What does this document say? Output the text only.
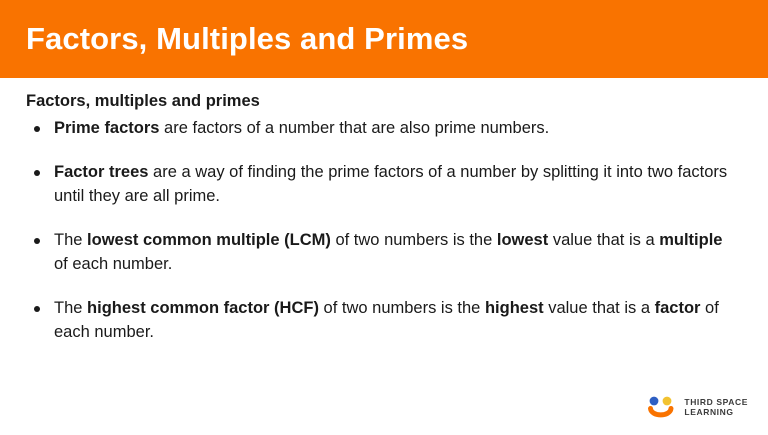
Factors, Multiples and Primes
Factors, multiples and primes
Prime factors are factors of a number that are also prime numbers.
Factor trees are a way of finding the prime factors of a number by splitting it into two factors until they are all prime.
The lowest common multiple (LCM) of two numbers is the lowest value that is a multiple of each number.
The highest common factor (HCF) of two numbers is the highest value that is a factor of each number.
THIRD SPACE
LEARNING
